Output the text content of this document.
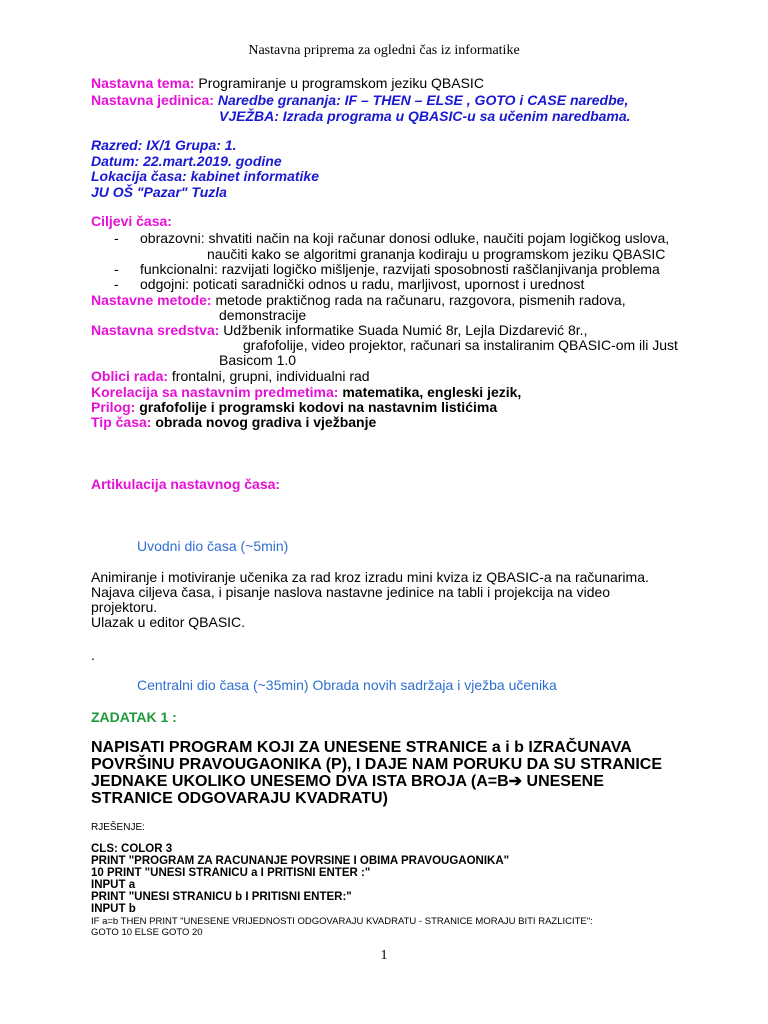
Nastavna priprema za ogledni čas iz informatike
Nastavna tema: Programiranje u programskom jeziku QBASIC
Nastavna jedinica: Naredbe grananja: IF – THEN – ELSE , GOTO i CASE naredbe,
VJEŽBA: Izrada programa u QBASIC-u sa učenim naredbama.
Razred: IX/1 Grupa: 1.
Datum: 22.mart.2019. godine
Lokacija časa: kabinet informatike
JU OŠ "Pazar" Tuzla
Ciljevi časa:
- obrazovni: shvatiti način na koji računar donosi odluke, naučiti pojam logičkog uslova,
naučiti kako se algoritmi grananja kodiraju u programskom jeziku QBASIC
- funkcionalni: razvijati logičko mišljenje, razvijati sposobnosti raščlanjivanja problema
- odgojni: poticati saradnički odnos u radu, marljivost, upornost i urednost
Nastavne metode: metode praktičnog rada na računaru, razgovora, pismenih radova,
demonstracije
Nastavna sredstva: Udžbenik informatike Suada Numić 8r, Lejla Dizdarević 8r.,
grafofolije, video projektor, računari sa instaliranim QBASIC-om ili Just
Basicom 1.0
Oblici rada: frontalni, grupni, individualni rad
Korelacija sa nastavnim predmetima: matematika, engleski jezik,
Prilog: grafofolije i programski kodovi na nastavnim listićima
Tip časa: obrada novog gradiva i vježbanje
Artikulacija nastavnog časa:
Uvodni dio časa (~5min)
Animiranje i motiviranje učenika za rad kroz izradu mini kviza iz QBASIC-a na računarima.
Najava ciljeva časa, i pisanje naslova nastavne jedinice na tabli i projekcija na video
projektoru.
Ulazak u editor QBASIC.
.
Centralni dio časa (~35min) Obrada novih sadržaja i vježba učenika
ZADATAK 1 :
NAPISATI PROGRAM KOJI ZA UNESENE STRANICE a i b IZRAČUNAVA
POVRŠINU PRAVOUGAONIKA (P), I DAJE NAM PORUKU DA SU STRANICE
JEDNAKE UKOLIKO UNESEMO DVA ISTA BROJA (A=B➔ UNESENE
STRANICE ODGOVARAJU KVADRATU)
RJEŠENJE:
CLS: COLOR 3
PRINT "PROGRAM ZA RACUNANJE POVRSINE I OBIMA PRAVOUGAONIKA"
10 PRINT "UNESI STRANICU a I PRITISNI ENTER :"
INPUT a
PRINT "UNESI STRANICU b I PRITISNI ENTER:"
INPUT b
IF a=b THEN PRINT "UNESENE VRIJEDNOSTI ODGOVARAJU KVADRATU - STRANICE MORAJU BITI RAZLICITE":
GOTO 10 ELSE GOTO 20
1
